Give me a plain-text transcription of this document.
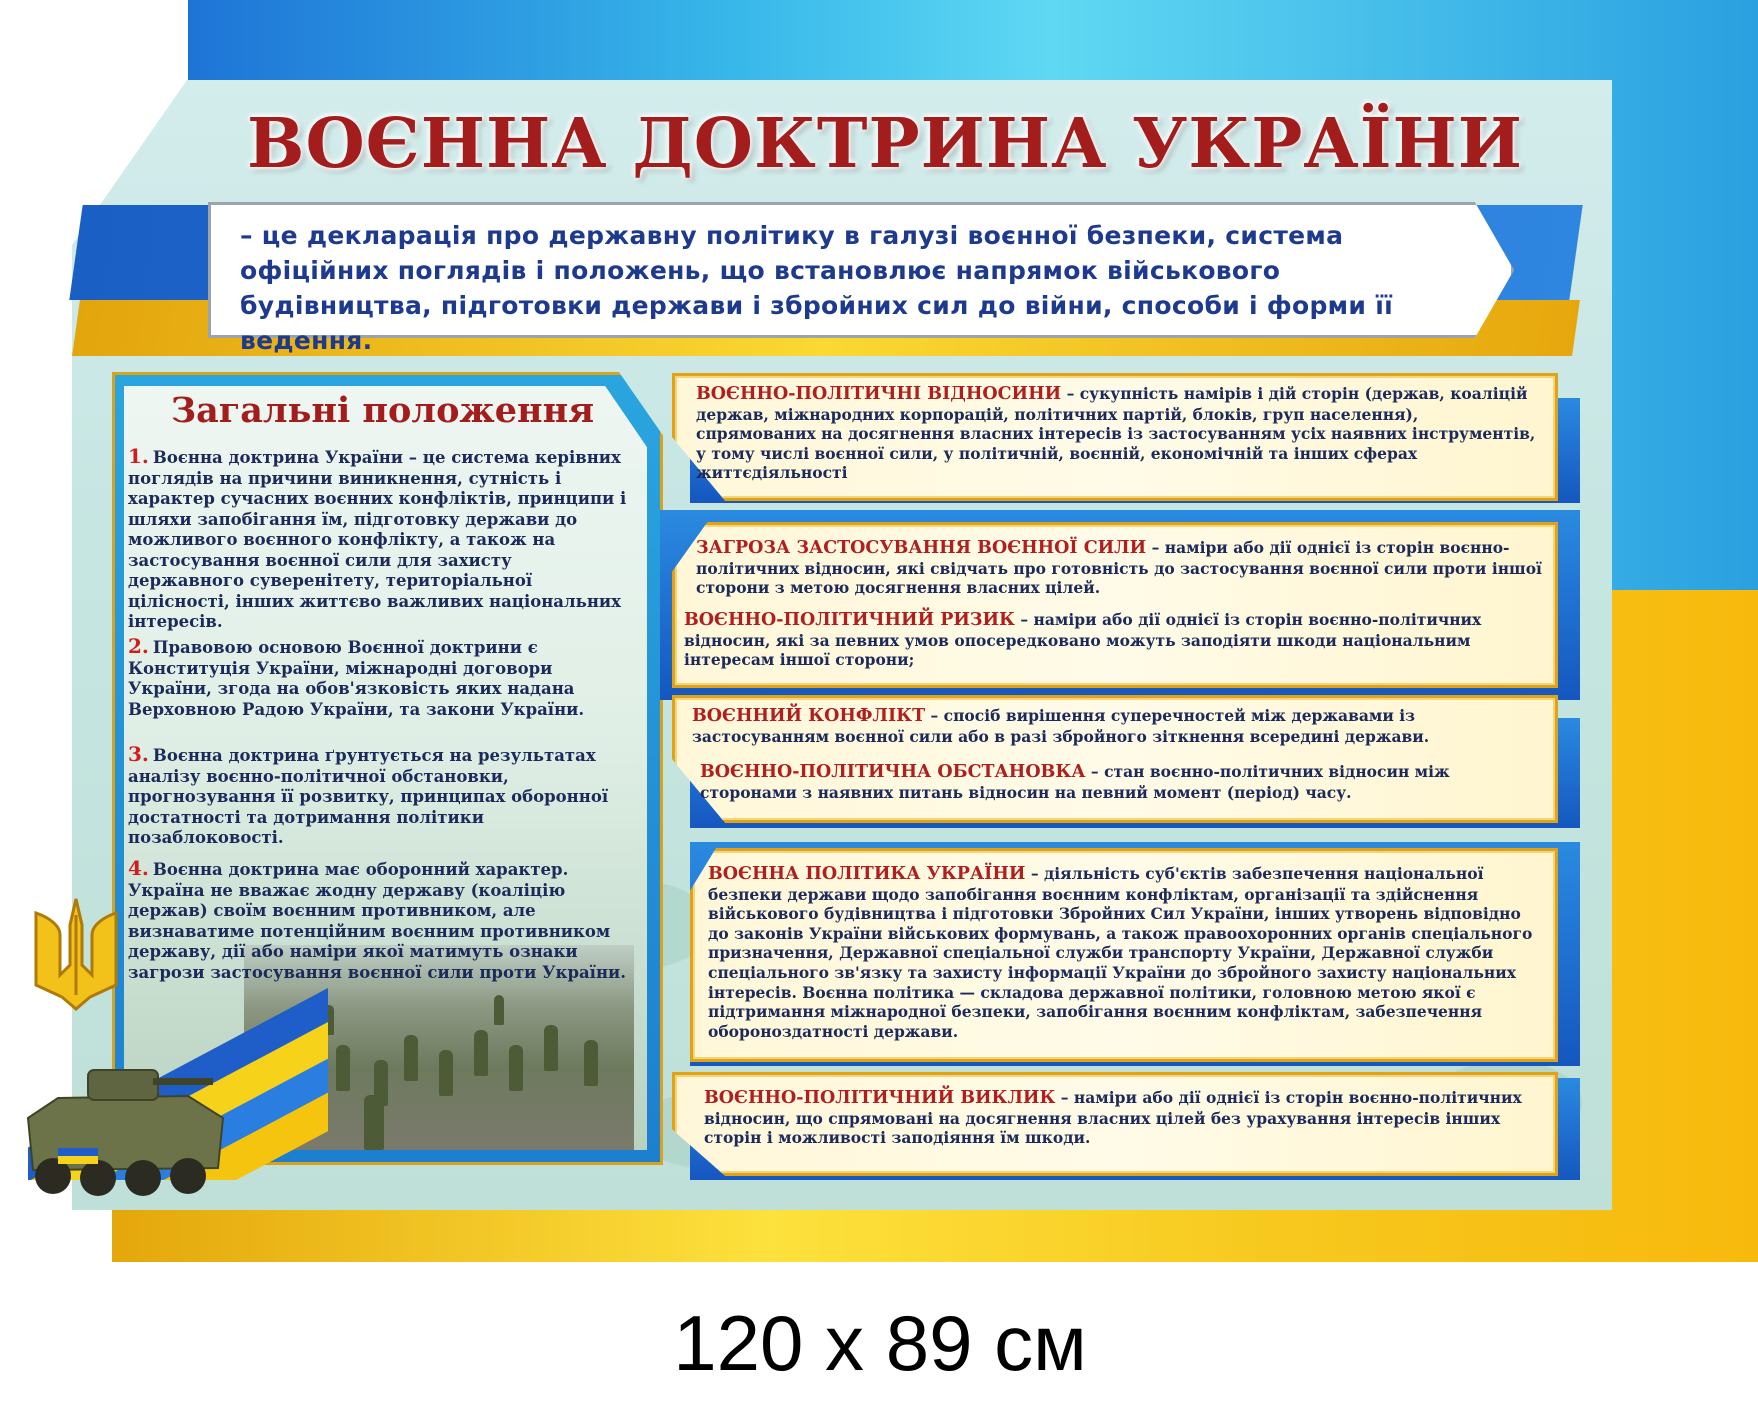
ВОЄННА ДОКТРИНА УКРАЇНИ
– це декларація про державну політику в галузі воєнної безпеки, система офіційних поглядів і положень, що встановлює напрямок військового будівництва, підготовки держави і збройних сил до війни, способи і форми її ведення.
Загальні положення
1. Воєнна доктрина України – це система керівних поглядів на причини виникнення, сутність і характер сучасних воєнних конфліктів, принципи і шляхи запобігання їм, підготовку держави до можливого воєнного конфлікту, а також на застосування воєнної сили для захисту державного суверенітету, територіальної цілісності, інших життєво важливих національних інтересів.
2. Правовою основою Воєнної доктрини є Конституція України, міжнародні договори України, згода на обов'язковість яких надана Верховною Радою України, та закони України.
3. Воєнна доктрина ґрунтується на результатах аналізу воєнно-політичної обстановки, прогнозування її розвитку, принципах оборонної достатності та дотримання політики позаблоковості.
4. Воєнна доктрина має оборонний характер. Україна не вважає жодну державу (коаліцію держав) своїм воєнним противником, але визнаватиме потенційним воєнним противником державу, дії або наміри якої матимуть ознаки загрози застосування воєнної сили проти України.
ВОЄННО-ПОЛІТИЧНІ ВІДНОСИНИ – сукупність намірів і дій сторін (держав, коаліцій держав, міжнародних корпорацій, політичних партій, блоків, груп населення), спрямованих на досягнення власних інтересів із застосуванням усіх наявних інструментів, у тому числі воєнної сили, у політичній, воєнній, економічній та інших сферах життєдіяльності
ЗАГРОЗА ЗАСТОСУВАННЯ ВОЄННОЇ СИЛИ – наміри або дії однієї із сторін воєнно-політичних відносин, які свідчать про готовність до застосування воєнної сили проти іншої сторони з метою досягнення власних цілей.
ВОЄННО-ПОЛІТИЧНИЙ РИЗИК – наміри або дії однієї із сторін воєнно-політичних відносин, які за певних умов опосередковано можуть заподіяти шкоди національним інтересам іншої сторони;
ВОЄННИЙ КОНФЛІКТ – спосіб вирішення суперечностей між державами із застосуванням воєнної сили або в разі збройного зіткнення всередині держави.
ВОЄННО-ПОЛІТИЧНА ОБСТАНОВКА – стан воєнно-політичних відносин між сторонами з наявних питань відносин на певний момент (період) часу.
ВОЄННА ПОЛІТИКА УКРАЇНИ – діяльність суб'єктів забезпечення національної безпеки держави щодо запобігання воєнним конфліктам, організації та здійснення військового будівництва і підготовки Збройних Сил України, інших утворень відповідно до законів України військових формувань, а також правоохоронних органів спеціального призначення, Державної спеціальної служби транспорту України, Державної служби спеціального зв'язку та захисту інформації України до збройного захисту національних інтересів. Воєнна політика — складова державної політики, головною метою якої є підтримання міжнародної безпеки, запобігання воєнним конфліктам, забезпечення обороноздатності держави.
ВОЄННО-ПОЛІТИЧНИЙ ВИКЛИК – наміри або дії однієї із сторін воєнно-політичних відносин, що спрямовані на досягнення власних цілей без урахування інтересів інших сторін і можливості заподіяння їм шкоди.
120 x 89 см
